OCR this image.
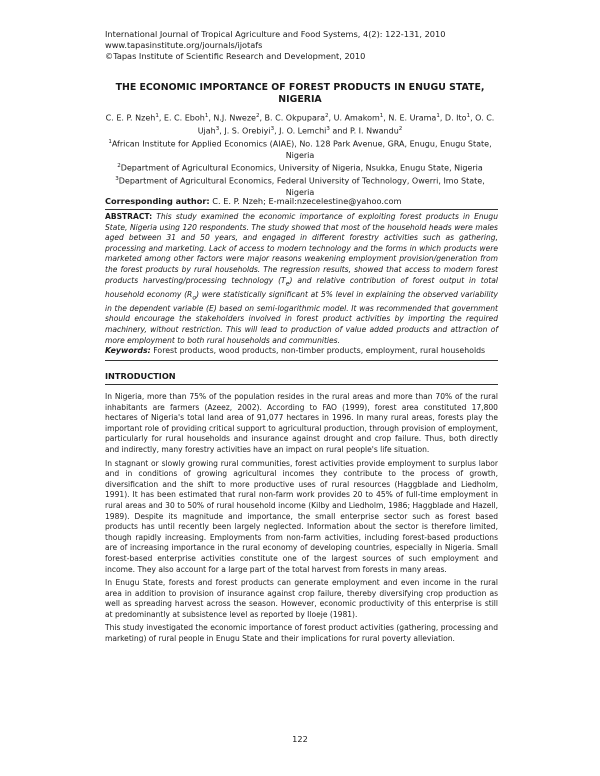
International Journal of Tropical Agriculture and Food Systems, 4(2): 122-131, 2010
www.tapasinstitute.org/journals/ijotafs
©Tapas Institute of Scientific Research and Development, 2010
THE ECONOMIC IMPORTANCE OF FOREST PRODUCTS IN ENUGU STATE, NIGERIA
C. E. P. Nzeh$^1$, E. C. Eboh$^1$, N.J. Nweze$^2$, B. C. Okpupara$^2$, U. Amakom$^1$, N. E. Urama$^1$, D. Ito$^1$, O. C. Ujah$^3$, J. S. Orebiyi$^3$, J. O. Lemchi$^3$ and P. I. Nwandu$^2$
$^1$African Institute for Applied Economics (AIAE), No. 128 Park Avenue, GRA, Enugu, Enugu State, Nigeria
$^2$Department of Agricultural Economics, University of Nigeria, Nsukka, Enugu State, Nigeria
$^3$Department of Agricultural Economics, Federal University of Technology, Owerri, Imo State, Nigeria
Corresponding author: C. E. P. Nzeh; E-mail:nzecelestine@yahoo.com
ABSTRACT: This study examined the economic importance of exploiting forest products in Enugu State, Nigeria using 120 respondents. The study showed that most of the household heads were males aged between 31 and 50 years, and engaged in different forestry activities such as gathering, processing and marketing. Lack of access to modern technology and the forms in which products were marketed among other factors were major reasons weakening employment provision/generation from the forest products by rural households. The regression results, showed that access to modern forest products harvesting/processing technology $(T_e)$ and relative contribution of forest output in total household economy $(R_o)$ were statistically significant at 5% level in explaining the observed variability in the dependent variable (E) based on semi-logarithmic model. It was recommended that government should encourage the stakeholders involved in forest product activities by importing the required machinery, without restriction. This will lead to production of value added products and attraction of more employment to both rural households and communities.
Keywords: Forest products, wood products, non-timber products, employment, rural households
INTRODUCTION

In Nigeria, more than 75% of the population resides in the rural areas and more than 70% of the rural inhabitants are farmers (Azeez, 2002). According to FAO (1999), forest area constituted 17,800 hectares of Nigeria's total land area of 91,077 hectares in 1996. In many rural areas, forests play the important role of providing critical support to agricultural production, through provision of employment, particularly for rural households and insurance against drought and crop failure. Thus, both directly and indirectly, many forestry activities have an impact on rural people's life situation.

In stagnant or slowly growing rural communities, forest activities provide employment to surplus labor and in conditions of growing agricultural incomes they contribute to the process of growth, diversification and the shift to more productive uses of rural resources (Haggblade and Liedholm, 1991). It has been estimated that rural non-farm work provides 20 to 45% of full-time employment in rural areas and 30 to 50% of rural household income (Kilby and Liedholm, 1986; Haggblade and Hazell, 1989). Despite its magnitude and importance, the small enterprise sector such as forest based products has until recently been largely neglected. Information about the sector is therefore limited, though rapidly increasing. Employments from non-farm activities, including forest-based productions are of increasing importance in the rural economy of developing countries, especially in Nigeria. Small forest-based enterprise activities constitute one of the largest sources of such employment and income. They also account for a large part of the total harvest from forests in many areas.

In Enugu State, forests and forest products can generate employment and even income in the rural area in addition to provision of insurance against crop failure, thereby diversifying crop production as well as spreading harvest across the season. However, economic productivity of this enterprise is still at predominantly at subsistence level as reported by Iloeje (1981).

This study investigated the economic importance of forest product activities (gathering, processing and marketing) of rural people in Enugu State and their implications for rural poverty alleviation.

122
